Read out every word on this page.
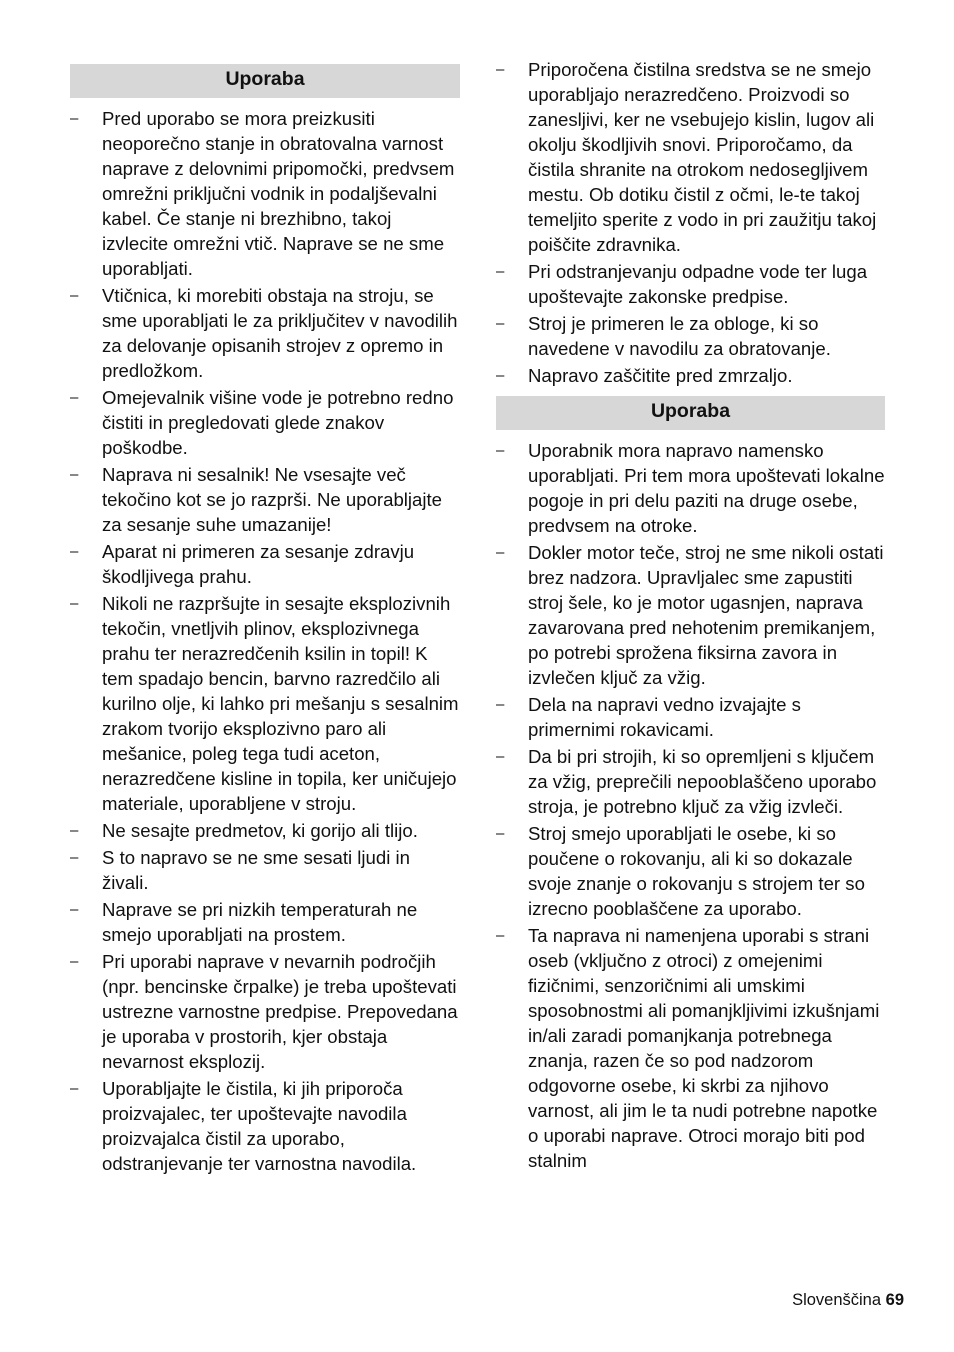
Uporaba
– Pred uporabo se mora preizkusiti neoporečno stanje in obratovalna varnost naprave z delovnimi pripomočki, predvsem omrežni priključni vodnik in podaljševalni kabel. Če stanje ni brezhibno, takoj izvlecite omrežni vtič. Naprave se ne sme uporabljati.
– Vtičnica, ki morebiti obstaja na stroju, se sme uporabljati le za priključitev v navodilih za delovanje opisanih strojev z opremo in predložkom.
– Omejevalnik višine vode je potrebno redno čistiti in pregledovati glede znakov poškodbe.
– Naprava ni sesalnik! Ne vsesajte več tekočino kot se jo razprši. Ne uporabljajte za sesanje suhe umazanije!
– Aparat ni primeren za sesanje zdravju škodljivega prahu.
– Nikoli ne razpršujte in sesajte eksplozivnih tekočin, vnetljvih plinov, eksplozivnega prahu ter nerazredčenih ksilin in topil! K tem spadajo bencin, barvno razredčilo ali kurilno olje, ki lahko pri mešanju s sesalnim zrakom tvorijo eksplozivno paro ali mešanice, poleg tega tudi aceton, nerazredčene kisline in topila, ker uničujejo materiale, uporabljene v stroju.
– Ne sesajte predmetov, ki gorijo ali tlijo.
– S to napravo se ne sme sesati ljudi in živali.
– Naprave se pri nizkih temperaturah ne smejo uporabljati na prostem.
– Pri uporabi naprave v nevarnih področjih (npr. bencinske črpalke) je treba upoštevati ustrezne varnostne predpise. Prepovedana je uporaba v prostorih, kjer obstaja nevarnost eksplozij.
– Uporabljajte le čistila, ki jih priporoča proizvajalec, ter upoštevajte navodila proizvajalca čistil za uporabo, odstranjevanje ter varnostna navodila.
– Priporočena čistilna sredstva se ne smejo uporabljajo nerazredčeno. Proizvodi so zanesljivi, ker ne vsebujejo kislin, lugov ali okolju škodljivih snovi. Priporočamo, da čistila shranite na otrokom nedosegljivem mestu. Ob dotiku čistil z očmi, le-te takoj temeljito sperite z vodo in pri zaužitju takoj poiščite zdravnika.
– Pri odstranjevanju odpadne vode ter luga upoštevajte zakonske predpise.
– Stroj je primeren le za obloge, ki so navedene v navodilu za obratovanje.
– Napravo zaščitite pred zmrzaljo.
Uporaba
– Uporabnik mora napravo namensko uporabljati. Pri tem mora upoštevati lokalne pogoje in pri delu paziti na druge osebe, predvsem na otroke.
– Dokler motor teče, stroj ne sme nikoli ostati brez nadzora. Upravljalec sme zapustiti stroj šele, ko je motor ugasnjen, naprava zavarovana pred nehotenim premikanjem, po potrebi sprožena fiksirna zavora in izvlečen ključ za vžig.
– Dela na napravi vedno izvajajte s primernimi rokavicami.
– Da bi pri strojih, ki so opremljeni s ključem za vžig, preprečili nepooblaščeno uporabo stroja, je potrebno ključ za vžig izvleči.
– Stroj smejo uporabljati le osebe, ki so poučene o rokovanju, ali ki so dokazale svoje znanje o rokovanju s strojem ter so izrecno pooblaščene za uporabo.
– Ta naprava ni namenjena uporabi s strani oseb (vključno z otroci) z omejenimi fizičnimi, senzoričnimi ali umskimi sposobnostmi ali pomanjkljivimi izkušnjami in/ali zaradi pomanjkanja potrebnega znanja, razen če so pod nadzorom odgovorne osebe, ki skrbi za njihovo varnost, ali jim le ta nudi potrebne napotke o uporabi naprave. Otroci morajo biti pod stalnim
Slovenščina 69
